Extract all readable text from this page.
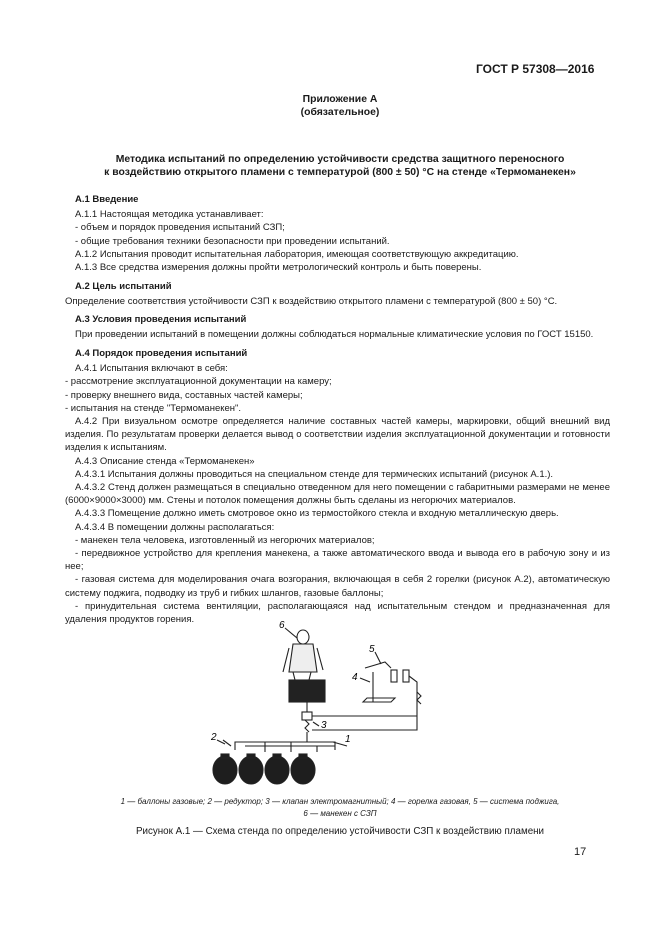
ГОСТ Р 57308—2016
Приложение А
(обязательное)
Методика испытаний по определению устойчивости средства защитного переносного
к воздействию открытого пламени с температурой (800 ± 50) °С на стенде «Термоманекен»
А.1 Введение

А.1.1 Настоящая методика устанавливает:

- объем и порядок проведения испытаний СЗП;

- общие требования техники безопасности при проведении испытаний.

А.1.2 Испытания проводит испытательная лаборатория, имеющая соответствующую аккредитацию.

А.1.3 Все средства измерения должны пройти метрологический контроль и быть поверены.

А.2 Цель испытаний

Определение соответствия устойчивости СЗП к воздействию открытого пламени с температурой (800 ± 50) °С.

А.3 Условия проведения испытаний

При проведении испытаний в помещении должны соблюдаться нормальные климатические условия по ГОСТ 15150.

А.4 Порядок проведения испытаний

А.4.1 Испытания включают в себя:

- рассмотрение эксплуатационной документации на камеру;

- проверку внешнего вида, составных частей камеры;

- испытания на стенде "Термоманекен".

А.4.2 При визуальном осмотре определяется наличие составных частей камеры, маркировки, общий внешний вид изделия. По результатам проверки делается вывод о соответствии изделия эксплуатационной документации и готовности изделия к испытаниям.

А.4.3 Описание стенда «Термоманекен»

А.4.3.1 Испытания должны проводиться на специальном стенде для термических испытаний (рисунок А.1.).

А.4.3.2 Стенд должен размещаться в специально отведенном для него помещении с габаритными размерами не менее (6000×9000×3000) мм. Стены и потолок помещения должны быть сделаны из негорючих материалов.

А.4.3.3 Помещение должно иметь смотровое окно из термостойкого стекла и входную металлическую дверь.

А.4.3.4 В помещении должны располагаться:

- манекен тела человека, изготовленный из негорючих материалов;

- передвижное устройство для крепления манекена, а также автоматического ввода и вывода его в рабочую зону и из нее;

- газовая система для моделирования очага возгорания, включающая в себя 2 горелки (рисунок А.2), автоматическую систему поджига, подводку из труб и гибких шлангов, газовые баллоны;

- принудительная система вентиляции, располагающаяся над испытательным стендом и предназначенная для удаления продуктов горения.

6
5
4
3
2	1
1 — баллоны газовые; 2 — редуктор; 3 — клапан электромагнитный; 4 — горелка газовая, 5 — система поджига,
6 — манекен с СЗП
Рисунок А.1 — Схема стенда по определению устойчивости СЗП к воздействию пламени
17
